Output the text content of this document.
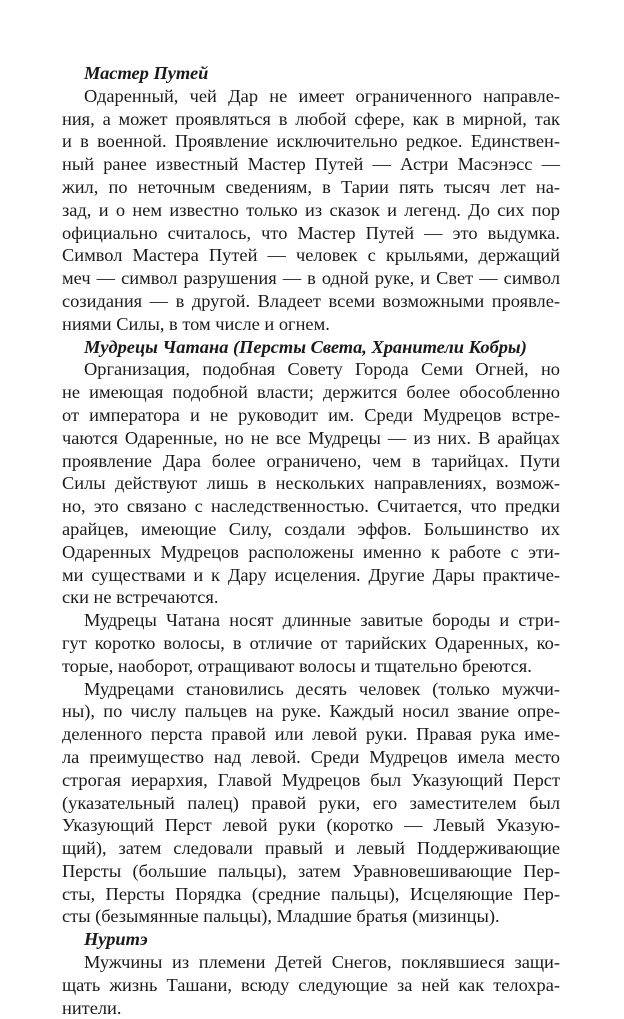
Мастер Путей
Одаренный, чей Дар не имеет ограниченного направле-
ния, а может проявляться в любой сфере, как в мирной, так
и в военной. Проявление исключительно редкое. Единствен-
ный ранее известный Мастер Путей — Астри Масэнэсс —
жил, по неточным сведениям, в Тарии пять тысяч лет на-
зад, и о нем известно только из сказок и легенд. До сих пор
официально считалось, что Мастер Путей — это выдумка.
Символ Мастера Путей — человек с крыльями, держащий
меч — символ разрушения — в одной руке, и Свет — символ
созидания — в другой. Владеет всеми возможными проявле-
ниями Силы, в том числе и огнем.
Мудрецы Чатана (Персты Света, Хранители Кобры)
Организация, подобная Совету Города Семи Огней, но
не имеющая подобной власти; держится более обособленно
от императора и не руководит им. Среди Мудрецов встре-
чаются Одаренные, но не все Мудрецы — из них. В арайцах
проявление Дара более ограничено, чем в тарийцах. Пути
Силы действуют лишь в нескольких направлениях, возмож-
но, это связано с наследственностью. Считается, что предки
арайцев, имеющие Силу, создали эффов. Большинство их
Одаренных Мудрецов расположены именно к работе с эти-
ми существами и к Дару исцеления. Другие Дары практиче-
ски не встречаются.
Мудрецы Чатана носят длинные завитые бороды и стри-
гут коротко волосы, в отличие от тарийских Одаренных, ко-
торые, наоборот, отращивают волосы и тщательно бреются.
Мудрецами становились десять человек (только мужчи-
ны), по числу пальцев на руке. Каждый носил звание опре-
деленного перста правой или левой руки. Правая рука име-
ла преимущество над левой. Среди Мудрецов имела место
строгая иерархия, Главой Мудрецов был Указующий Перст
(указательный палец) правой руки, его заместителем был
Указующий Перст левой руки (коротко — Левый Указую-
щий), затем следовали правый и левый Поддерживающие
Персты (большие пальцы), затем Уравновешивающие Пер-
сты, Персты Порядка (средние пальцы), Исцеляющие Пер-
сты (безымянные пальцы), Младшие братья (мизинцы).
Нуритэ
Мужчины из племени Детей Снегов, поклявшиеся защи-
щать жизнь Ташани, всюду следующие за ней как телохра-
нители.
